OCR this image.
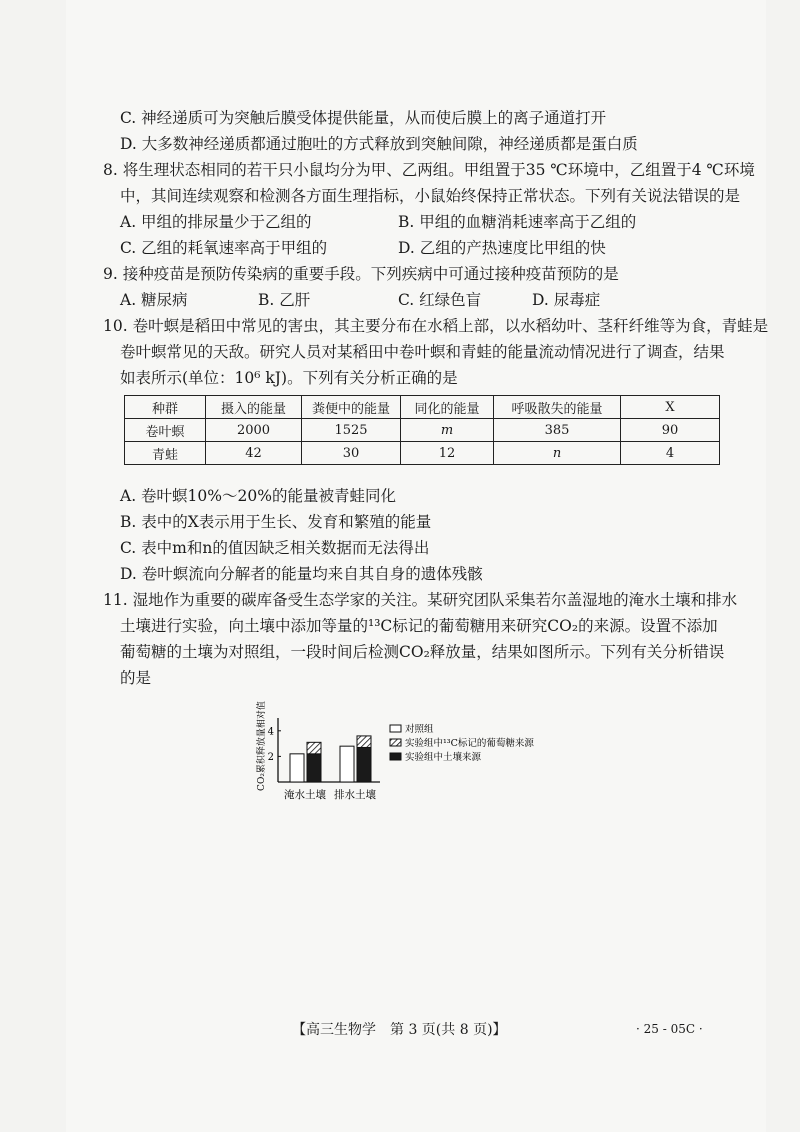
C. 神经递质可为突触后膜受体提供能量，从而使后膜上的离子通道打开
D. 大多数神经递质都通过胞吐的方式释放到突触间隙，神经递质都是蛋白质
8. 将生理状态相同的若干只小鼠均分为甲、乙两组。甲组置于35 ℃环境中，乙组置于4 ℃环境
中，其间连续观察和检测各方面生理指标，小鼠始终保持正常状态。下列有关说法错误的是
A. 甲组的排尿量少于乙组的	B. 甲组的血糖消耗速率高于乙组的
C. 乙组的耗氧速率高于甲组的	D. 乙组的产热速度比甲组的快
9. 接种疫苗是预防传染病的重要手段。下列疾病中可通过接种疫苗预防的是
A. 糖尿病	B. 乙肝	C. 红绿色盲	D. 尿毒症
10. 卷叶螟是稻田中常见的害虫，其主要分布在水稻上部，以水稻幼叶、茎秆纤维等为食，青蛙是
卷叶螟常见的天敌。研究人员对某稻田中卷叶螟和青蛙的能量流动情况进行了调查，结果
如表所示(单位：10⁶ kJ)。下列有关分析正确的是
种群	摄入的能量	粪便中的能量	同化的能量	呼吸散失的能量	X
卷叶螟	2000	1525	m	385	90
青蛙	42	30	12	n	4
A. 卷叶螟10%～20%的能量被青蛙同化
B. 表中的X表示用于生长、发育和繁殖的能量
C. 表中m和n的值因缺乏相关数据而无法得出
D. 卷叶螟流向分解者的能量均来自其自身的遗体残骸
11. 湿地作为重要的碳库备受生态学家的关注。某研究团队采集若尔盖湿地的淹水土壤和排水
土壤进行实验，向土壤中添加等量的¹³C标记的葡萄糖用来研究CO₂的来源。设置不添加
葡萄糖的土壤为对照组，一段时间后检测CO₂释放量，结果如图所示。下列有关分析错误
的是
CO₂累积释放量相对值
淹水土壤 排水土壤
2
4	对照组
实验组中¹³C标记的葡萄糖来源
实验组中土壤来源
【高三生物学　第 3 页(共 8 页)】	· 25 - 05C ·
